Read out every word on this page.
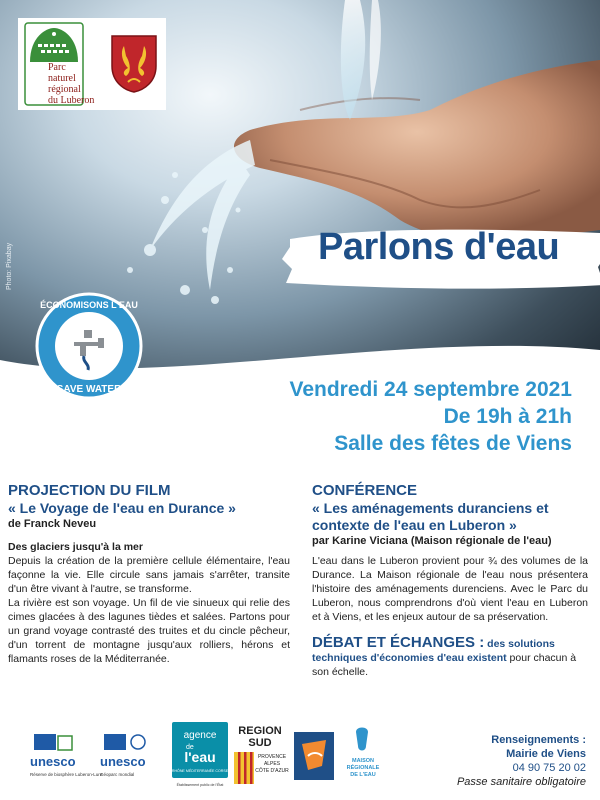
Parc
naturel
régional
du Luberon
Photo: Pixabay	Parlons d'eau
ÉCONOMISONS L'EAU
SAVE WATER	Vendredi 24 septembre 2021
De 19h à 21h
Salle des fêtes de Viens
PROJECTION DU FILM
« Le Voyage de l'eau en Durance »
de Franck Neveu
Des glaciers jusqu'à la mer
Depuis la création de la première cellule élémentaire, l'eau façonne la vie. Elle circule sans jamais s'arrêter, transite d'un être vivant à l'autre, se transforme.
La rivière est son voyage. Un fil de vie sinueux qui relie des cimes glacées à des lagunes tièdes et salées. Partons pour un grand voyage contrasté des truites et du cincle pêcheur, d'un torrent de montagne jusqu'aux rolliers, hérons et flamants roses de la Méditerranée.
CONFÉRENCE
« Les aménagements duranciens et contexte de l'eau en Luberon »
par Karine Viciana (Maison régionale de l'eau)
L'eau dans le Luberon provient pour ¾ des volumes de la Durance. La Maison régionale de l'eau nous présentera l'histoire des aménagements durenciens. Avec le Parc du Luberon, nous comprendrons d'où vient l'eau en Luberon et à Viens, et les enjeux autour de sa préservation.
DÉBAT ET ÉCHANGES : des solutions techniques d'économies d'eau existent pour chacun à son échelle.
unesco
Réserve de biosphère Luberon-Lure
unesco
Géoparc mondial
agence
de
l'eau
RHÔNE MÉDITERRANÉE CORSE
Établissement public de l'État
REGION
SUD
PROVENCE
ALPES
CÔTE D'AZUR
MAISON
RÉGIONALE
DE L'EAU
Renseignements :
Mairie de Viens
04 90 75 20 02
Passe sanitaire obligatoire
